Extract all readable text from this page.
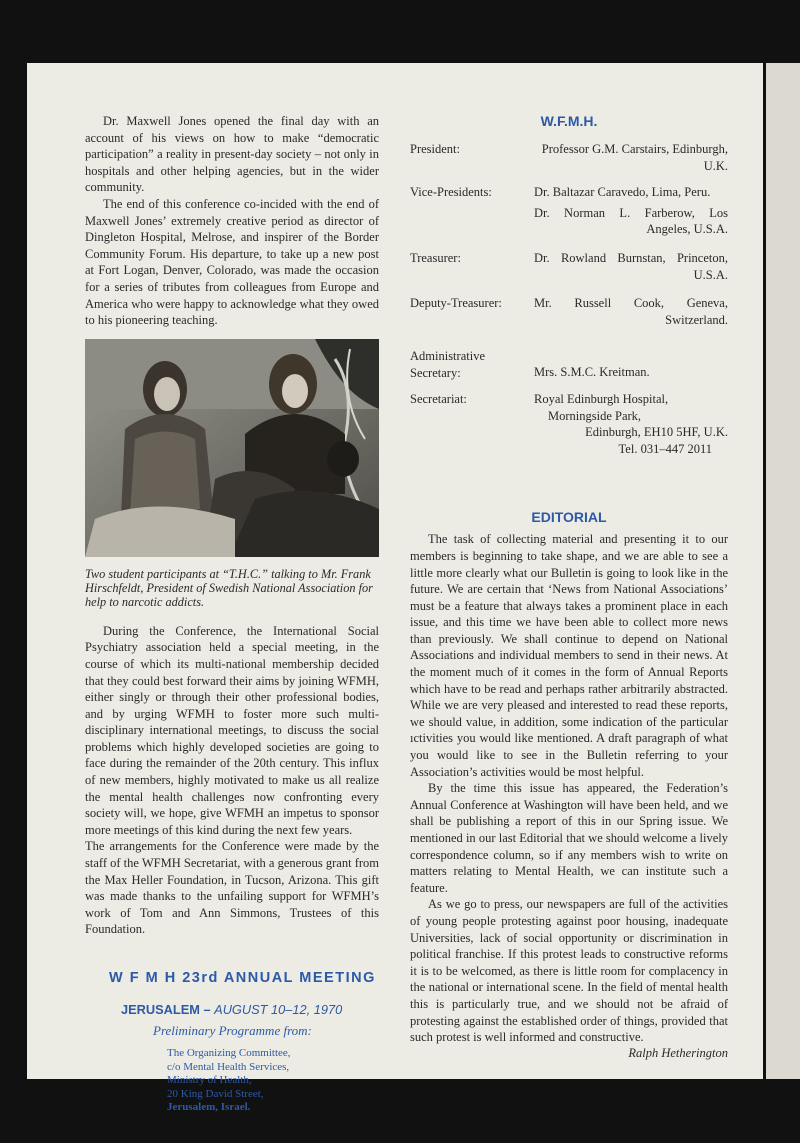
Dr. Maxwell Jones opened the final day with an account of his views on how to make “democratic participation” a reality in present-day society – not only in hospitals and other helping agencies, but in the wider community.

The end of this conference co-incided with the end of Maxwell Jones’ extremely creative period as director of Dingleton Hospital, Melrose, and inspirer of the Border Community Forum. His departure, to take up a new post at Fort Logan, Denver, Colorado, was made the occasion for a series of tributes from colleagues from Europe and America who were happy to acknowledge what they owed to his pioneering teaching.

Two student participants at “T.H.C.” talking to Mr. Frank Hirschfeldt, President of Swedish National Association for help to narcotic addicts.

During the Conference, the International Social Psychiatry association held a special meeting, in the course of which its multi-national membership decided that they could best forward their aims by joining WFMH, either singly or through their other professional bodies, and by urging WFMH to foster more such multi-disciplinary international meetings, to discuss the social problems which highly developed societies are going to face during the remainder of the 20th century. This influx of new members, highly motivated to make us all realize the mental health challenges now confronting every society will, we hope, give WFMH an impetus to sponsor more meetings of this kind during the next few years.

The arrangements for the Conference were made by the staff of the WFMH Secretariat, with a generous grant from the Max Heller Foundation, in Tucson, Arizona. This gift was made thanks to the unfailing support for WFMH’s work of Tom and Ann Simmons, Trustees of this Foundation.

W F M H 23rd ANNUAL MEETING
JERUSALEM – AUGUST 10–12, 1970
Preliminary Programme from:
The Organizing Committee,
c/o Mental Health Services,
Ministry of Health,
20 King David Street,
Jerusalem, Israel.
W.F.M.H.
President:	Professor G.M. Carstairs, Edinburgh,
U.K.
Vice-Presidents:	Dr. Baltazar Caravedo, Lima, Peru.
Dr. Norman L. Farberow, Los
Angeles, U.S.A.
Treasurer:	Dr. Rowland Burnstan, Princeton,
U.S.A.
Deputy-Treasurer:	Mr. Russell Cook, Geneva,
Switzerland.
Administrative
Secretary:	Mrs. S.M.C. Kreitman.
Secretariat:	Royal Edinburgh Hospital,
Morningside Park,
Edinburgh, EH10 5HF, U.K.
Tel. 031–447 2011
EDITORIAL

The task of collecting material and presenting it to our members is beginning to take shape, and we are able to see a little more clearly what our Bulletin is going to look like in the future. We are certain that ‘News from National Associations’ must be a feature that always takes a prominent place in each issue, and this time we have been able to collect more news than previously. We shall continue to depend on National Associations and individual members to send in their news. At the moment much of it comes in the form of Annual Reports which have to be read and perhaps rather arbitrarily abstracted. While we are very pleased and interested to read these reports, we should value, in addition, some indication of the particular ıctivities you would like mentioned. A draft paragraph of what you would like to see in the Bulletin referring to your Association’s activities would be most helpful.

By the time this issue has appeared, the Federation’s Annual Conference at Washington will have been held, and we shall be publishing a report of this in our Spring issue. We mentioned in our last Editorial that we should welcome a lively correspondence column, so if any members wish to write on matters relating to Mental Health, we can institute such a feature.

As we go to press, our newspapers are full of the activities of young people protesting against poor housing, inadequate Universities, lack of social opportunity or discrimination in political franchise. If this protest leads to constructive reforms it is to be welcomed, as there is little room for complacency in the national or international scene. In the field of mental health this is particularly true, and we should not be afraid of protesting against the established order of things, provided that such protest is well informed and constructive.

Ralph Hetherington
